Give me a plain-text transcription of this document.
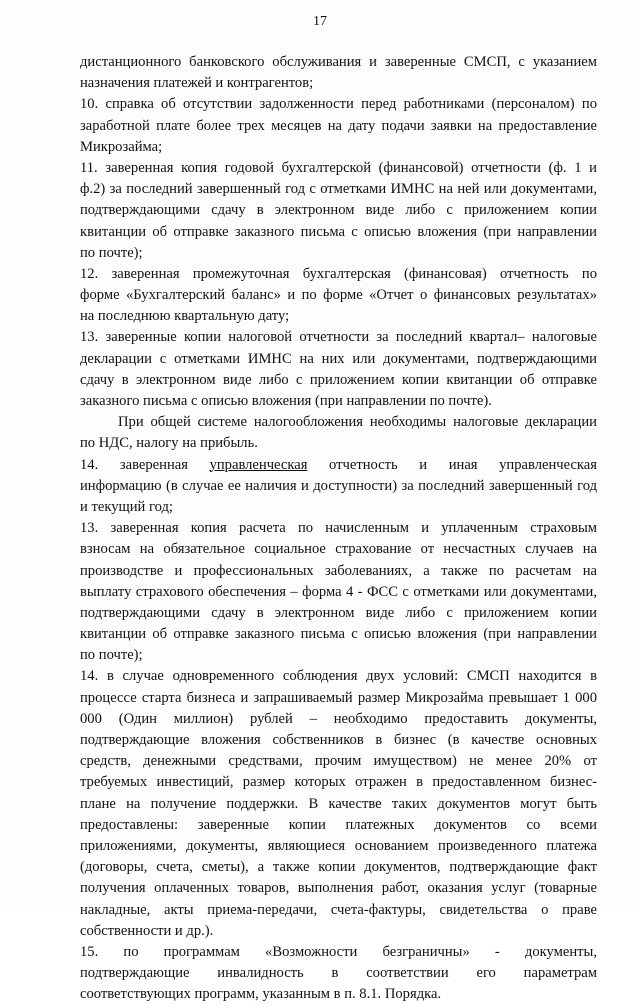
17
дистанционного банковского обслуживания и заверенные СМСП, с указанием
назначения платежей и контрагентов;
10. справка об отсутствии задолженности перед работниками (персоналом) по
заработной плате более трех месяцев на дату подачи заявки на предоставление
Микрозайма;
11. заверенная копия годовой бухгалтерской (финансовой) отчетности (ф. 1 и
ф.2) за последний завершенный год с отметками ИМНС на ней или документами,
подтверждающими сдачу в электронном виде либо с приложением копии
квитанции об отправке заказного письма с описью вложения (при направлении
по почте);
12. заверенная промежуточная бухгалтерская (финансовая) отчетность по
форме «Бухгалтерский баланс» и по форме «Отчет о финансовых результатах»
на последнюю квартальную дату;
13. заверенные копии налоговой отчетности за последний квартал– налоговые
декларации с отметками ИМНС на них или документами, подтверждающими
сдачу в электронном виде либо с приложением копии квитанции об отправке
заказного письма с описью вложения (при направлении по почте).
При общей системе налогообложения необходимы налоговые декларации
по НДС, налогу на прибыль.
14. заверенная управленческая отчетность и иная управленческая
информацию (в случае ее наличия и доступности) за последний завершенный год
и текущий год;
13. заверенная копия расчета по начисленным и уплаченным страховым
взносам на обязательное социальное страхование от несчастных случаев на
производстве и профессиональных заболеваниях, а также по расчетам на
выплату страхового обеспечения – форма 4 - ФСС с отметками или документами,
подтверждающими сдачу в электронном виде либо с приложением копии
квитанции об отправке заказного письма с описью вложения (при направлении
по почте);
14. в случае одновременного соблюдения двух условий: СМСП находится в
процессе старта бизнеса и запрашиваемый размер Микрозайма превышает 1 000
000 (Один миллион) рублей – необходимо предоставить документы,
подтверждающие вложения собственников в бизнес (в качестве основных
средств, денежными средствами, прочим имуществом) не менее 20% от
требуемых инвестиций, размер которых отражен в предоставленном бизнес-
плане на получение поддержки. В качестве таких документов могут быть
предоставлены: заверенные копии платежных документов со всеми
приложениями, документы, являющиеся основанием произведенного платежа
(договоры, счета, сметы), а также копии документов, подтверждающие факт
получения оплаченных товаров, выполнения работ, оказания услуг (товарные
накладные, акты приема-передачи, счета-фактуры, свидетельства о праве
собственности и др.).
15. по программам «Возможности безграничны» - документы,
подтверждающие инвалидность в соответствии его параметрам
соответствующих программ, указанным в п. 8.1. Порядка.
